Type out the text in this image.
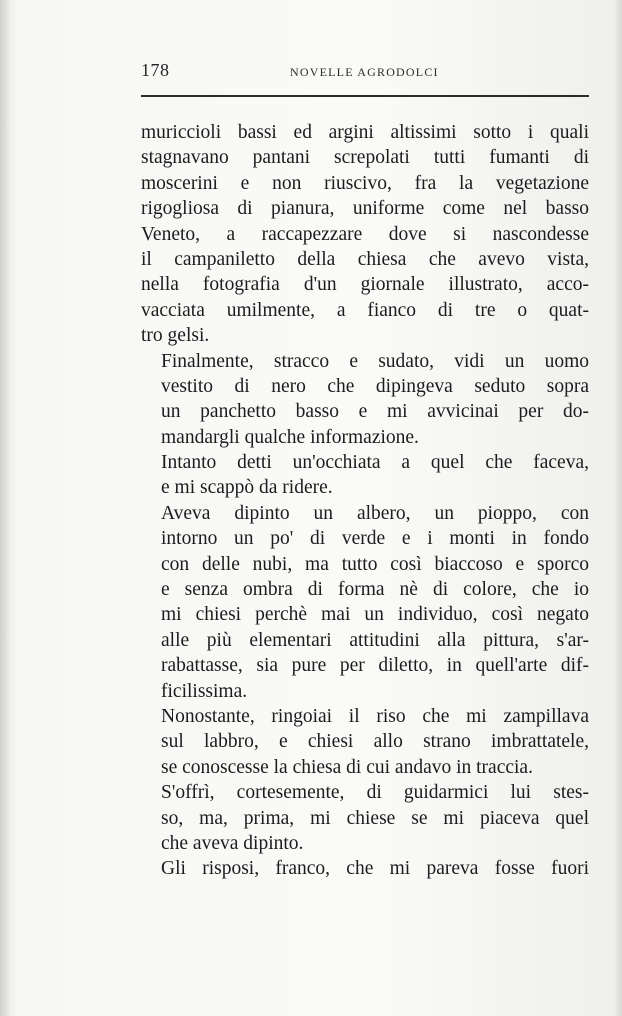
178	NOVELLE AGRODOLCI

muriccioli bassi ed argini altissimi sotto i quali
stagnavano pantani screpolati tutti fumanti di
moscerini e non riuscivo, fra la vegetazione
rigogliosa di pianura, uniforme come nel basso
Veneto, a raccapezzare dove si nascondesse
il campaniletto della chiesa che avevo vista,
nella fotografia d'un giornale illustrato, acco-
vacciata umilmente, a fianco di tre o quat-
tro gelsi.

Finalmente, stracco e sudato, vidi un uomo
vestito di nero che dipingeva seduto sopra
un panchetto basso e mi avvicinai per do-
mandargli qualche informazione.

Intanto detti un'occhiata a quel che faceva,
e mi scappò da ridere.

Aveva dipinto un albero, un pioppo, con
intorno un po' di verde e i monti in fondo
con delle nubi, ma tutto così biaccoso e sporco
e senza ombra di forma nè di colore, che io
mi chiesi perchè mai un individuo, così negato
alle più elementari attitudini alla pittura, s'ar-
rabattasse, sia pure per diletto, in quell'arte dif-
ficilissima.

Nonostante, ringoiai il riso che mi zampillava
sul labbro, e chiesi allo strano imbrattatele,
se conoscesse la chiesa di cui andavo in traccia.

S'offrì, cortesemente, di guidarmici lui stes-
so, ma, prima, mi chiese se mi piaceva quel
che aveva dipinto.

Gli risposi, franco, che mi pareva fosse fuori
